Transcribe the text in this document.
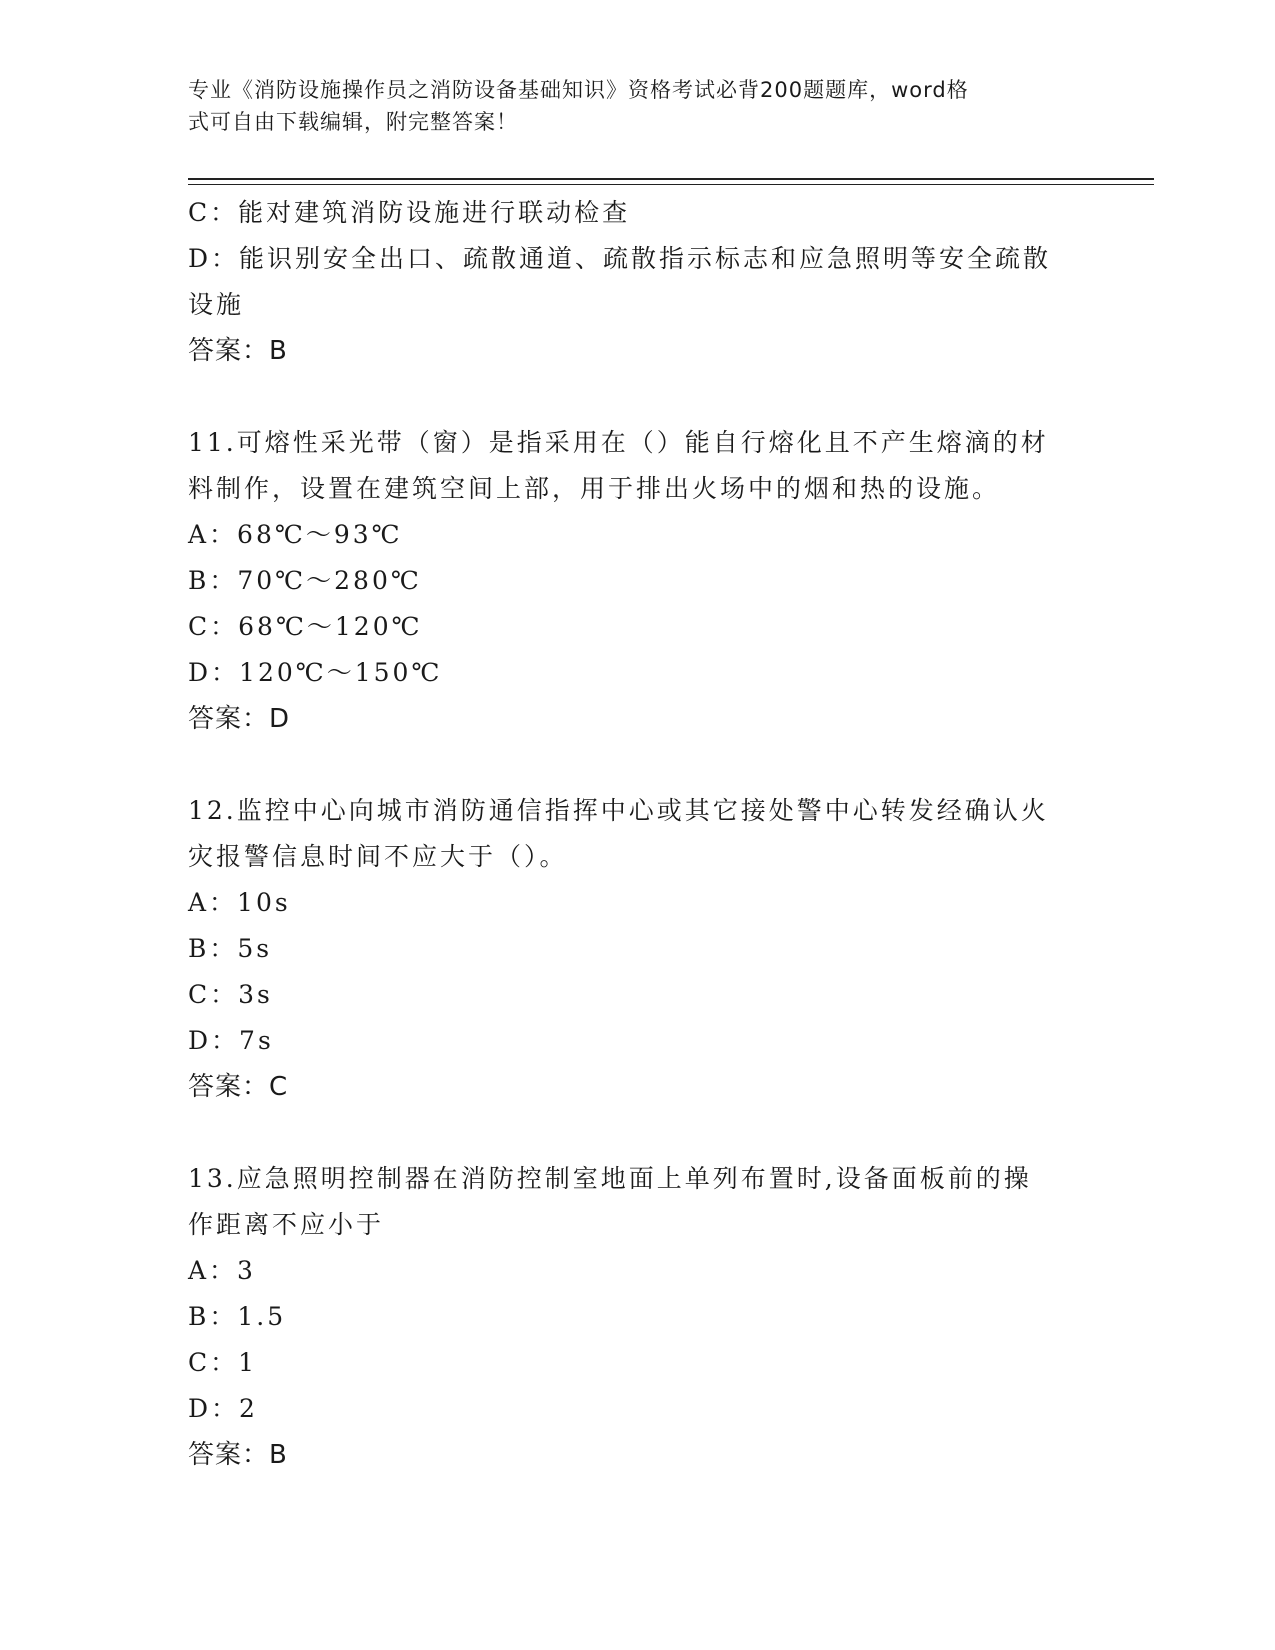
专业《消防设施操作员之消防设备基础知识》资格考试必背200题题库，word格
式可自由下载编辑，附完整答案！
C：能对建筑消防设施进行联动检查
D：能识别安全出口、疏散通道、疏散指示标志和应急照明等安全疏散
设施
答案：B
11.可熔性采光带（窗）是指采用在（）能自行熔化且不产生熔滴的材
料制作，设置在建筑空间上部，用于排出火场中的烟和热的设施。
A：68℃～93℃
B：70℃～280℃
C：68℃～120℃
D：120℃～150℃
答案：D
12.监控中心向城市消防通信指挥中心或其它接处警中心转发经确认火
灾报警信息时间不应大于（）。
A：10s
B：5s
C：3s
D：7s
答案：C
13.应急照明控制器在消防控制室地面上单列布置时,设备面板前的操
作距离不应小于
A：3
B：1.5
C：1
D：2
答案：B
